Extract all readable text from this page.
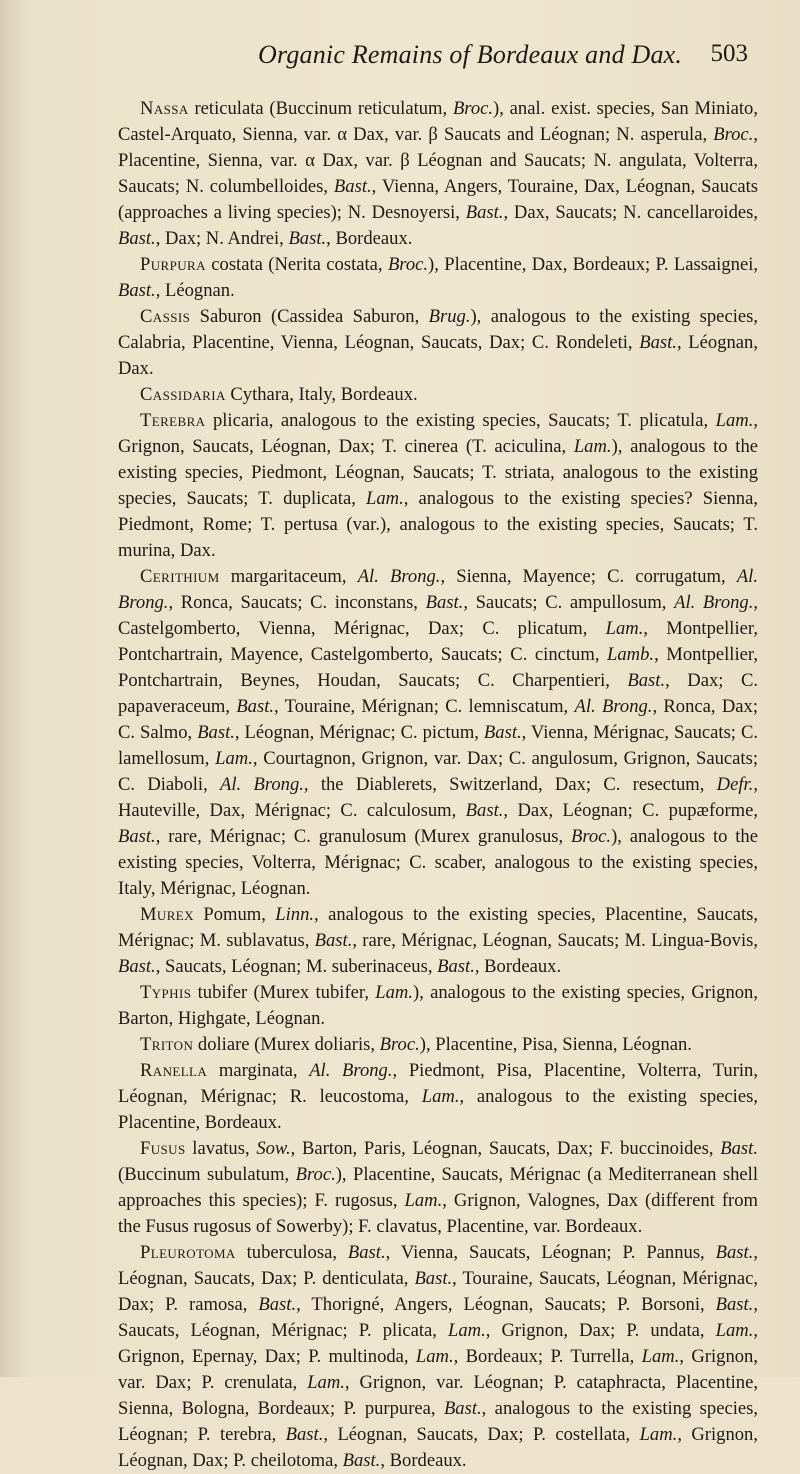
Organic Remains of Bordeaux and Dax. 503

Nassa reticulata (Buccinum reticulatum, Broc.), anal. exist. species, San Miniato, Castel-Arquato, Sienna, var. α Dax, var. β Saucats and Léognan; N. asperula, Broc., Placentine, Sienna, var. α Dax, var. β Léognan and Saucats; N. angulata, Volterra, Saucats; N. columbelloides, Bast., Vienna, Angers, Touraine, Dax, Léognan, Saucats (approaches a living species); N. Desnoyersi, Bast., Dax, Saucats; N. cancellaroides, Bast., Dax; N. Andrei, Bast., Bordeaux.

Purpura costata (Nerita costata, Broc.), Placentine, Dax, Bordeaux; P. Lassaignei, Bast., Léognan.

Cassis Saburon (Cassidea Saburon, Brug.), analogous to the existing species, Calabria, Placentine, Vienna, Léognan, Saucats, Dax; C. Rondeleti, Bast., Léognan, Dax.

Cassidaria Cythara, Italy, Bordeaux.

Terebra plicaria, analogous to the existing species, Saucats; T. plicatula, Lam., Grignon, Saucats, Léognan, Dax; T. cinerea (T. aciculina, Lam.), analogous to the existing species, Piedmont, Léognan, Saucats; T. striata, analogous to the existing species, Saucats; T. duplicata, Lam., analogous to the existing species? Sienna, Piedmont, Rome; T. pertusa (var.), analogous to the existing species, Saucats; T. murina, Dax.

Cerithium margaritaceum, Al. Brong., Sienna, Mayence; C. corrugatum, Al. Brong., Ronca, Saucats; C. inconstans, Bast., Saucats; C. ampullosum, Al. Brong., Castelgomberto, Vienna, Mérignac, Dax; C. plicatum, Lam., Montpellier, Pontchartrain, Mayence, Castelgomberto, Saucats; C. cinctum, Lamb., Montpellier, Pontchartrain, Beynes, Houdan, Saucats; C. Charpentieri, Bast., Dax; C. papaveraceum, Bast., Touraine, Mérignan; C. lemniscatum, Al. Brong., Ronca, Dax; C. Salmo, Bast., Léognan, Mérignac; C. pictum, Bast., Vienna, Mérignac, Saucats; C. lamellosum, Lam., Courtagnon, Grignon, var. Dax; C. angulosum, Grignon, Saucats; C. Diaboli, Al. Brong., the Diablerets, Switzerland, Dax; C. resectum, Defr., Hauteville, Dax, Mérignac; C. calculosum, Bast., Dax, Léognan; C. pupæforme, Bast., rare, Mérignac; C. granulosum (Murex granulosus, Broc.), analogous to the existing species, Volterra, Mérignac; C. scaber, analogous to the existing species, Italy, Mérignac, Léognan.

Murex Pomum, Linn., analogous to the existing species, Placentine, Saucats, Mérignac; M. sublavatus, Bast., rare, Mérignac, Léognan, Saucats; M. Lingua-Bovis, Bast., Saucats, Léognan; M. suberinaceus, Bast., Bordeaux.

Typhis tubifer (Murex tubifer, Lam.), analogous to the existing species, Grignon, Barton, Highgate, Léognan.

Triton doliare (Murex doliaris, Broc.), Placentine, Pisa, Sienna, Léognan.

Ranella marginata, Al. Brong., Piedmont, Pisa, Placentine, Volterra, Turin, Léognan, Mérignac; R. leucostoma, Lam., analogous to the existing species, Placentine, Bordeaux.

Fusus lavatus, Sow., Barton, Paris, Léognan, Saucats, Dax; F. buccinoides, Bast. (Buccinum subulatum, Broc.), Placentine, Saucats, Mérignac (a Mediterranean shell approaches this species); F. rugosus, Lam., Grignon, Valognes, Dax (different from the Fusus rugosus of Sowerby); F. clavatus, Placentine, var. Bordeaux.

Pleurotoma tuberculosa, Bast., Vienna, Saucats, Léognan; P. Pannus, Bast., Léognan, Saucats, Dax; P. denticulata, Bast., Touraine, Saucats, Léognan, Mérignac, Dax; P. ramosa, Bast., Thorigné, Angers, Léognan, Saucats; P. Borsoni, Bast., Saucats, Léognan, Mérignac; P. plicata, Lam., Grignon, Dax; P. undata, Lam., Grignon, Epernay, Dax; P. multinoda, Lam., Bordeaux; P. Turrella, Lam., Grignon, var. Dax; P. crenulata, Lam., Grignon, var. Léognan; P. cataphracta, Placentine, Sienna, Bologna, Bordeaux; P. purpurea, Bast., analogous to the existing species, Léognan; P. terebra, Bast., Léognan, Saucats, Dax; P. costellata, Lam., Grignon, Léognan, Dax; P. cheilotoma, Bast., Bordeaux.
